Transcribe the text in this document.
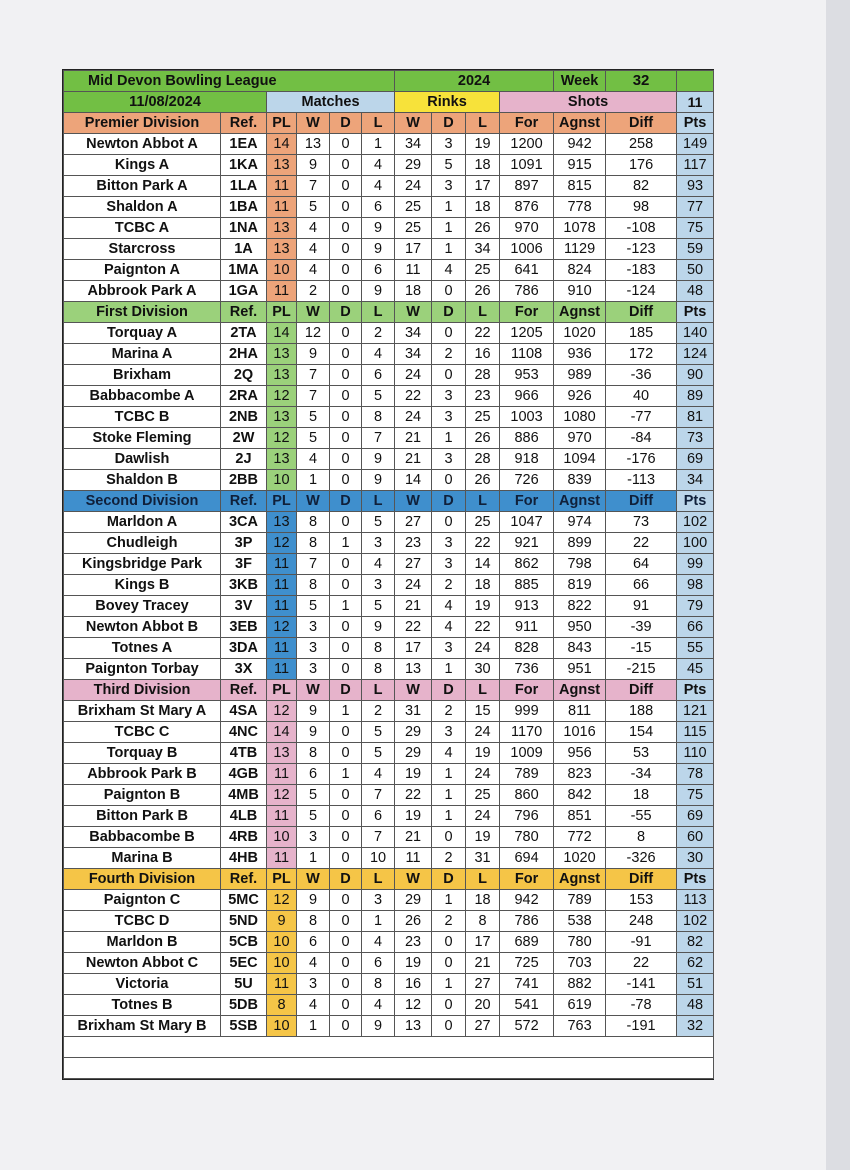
Mid Devon Bowling League						2024				Week	32	
11/08/2024		Matches				Rinks			Shots			11
Premier Division	Ref.	PL	W	D	L	W	D	L	For	Agnst	Diff	Pts
Newton Abbot A	1EA	14	13	0	1	34	3	19	1200	942	258	149
Kings A	1KA	13	9	0	4	29	5	18	1091	915	176	117
Bitton Park A	1LA	11	7	0	4	24	3	17	897	815	82	93
Shaldon A	1BA	11	5	0	6	25	1	18	876	778	98	77
TCBC A	1NA	13	4	0	9	25	1	26	970	1078	-108	75
Starcross	1A	13	4	0	9	17	1	34	1006	1129	-123	59
Paignton A	1MA	10	4	0	6	11	4	25	641	824	-183	50
Abbrook Park A	1GA	11	2	0	9	18	0	26	786	910	-124	48
First Division	Ref.	PL	W	D	L	W	D	L	For	Agnst	Diff	Pts
Torquay A	2TA	14	12	0	2	34	0	22	1205	1020	185	140
Marina A	2HA	13	9	0	4	34	2	16	1108	936	172	124
Brixham	2Q	13	7	0	6	24	0	28	953	989	-36	90
Babbacombe A	2RA	12	7	0	5	22	3	23	966	926	40	89
TCBC B	2NB	13	5	0	8	24	3	25	1003	1080	-77	81
Stoke Fleming	2W	12	5	0	7	21	1	26	886	970	-84	73
Dawlish	2J	13	4	0	9	21	3	28	918	1094	-176	69
Shaldon B	2BB	10	1	0	9	14	0	26	726	839	-113	34
Second Division	Ref.	PL	W	D	L	W	D	L	For	Agnst	Diff	Pts
Marldon A	3CA	13	8	0	5	27	0	25	1047	974	73	102
Chudleigh	3P	12	8	1	3	23	3	22	921	899	22	100
Kingsbridge Park	3F	11	7	0	4	27	3	14	862	798	64	99
Kings B	3KB	11	8	0	3	24	2	18	885	819	66	98
Bovey Tracey	3V	11	5	1	5	21	4	19	913	822	91	79
Newton Abbot B	3EB	12	3	0	9	22	4	22	911	950	-39	66
Totnes A	3DA	11	3	0	8	17	3	24	828	843	-15	55
Paignton Torbay	3X	11	3	0	8	13	1	30	736	951	-215	45
Third Division	Ref.	PL	W	D	L	W	D	L	For	Agnst	Diff	Pts
Brixham St Mary A	4SA	12	9	1	2	31	2	15	999	811	188	121
TCBC C	4NC	14	9	0	5	29	3	24	1170	1016	154	115
Torquay B	4TB	13	8	0	5	29	4	19	1009	956	53	110
Abbrook Park B	4GB	11	6	1	4	19	1	24	789	823	-34	78
Paignton B	4MB	12	5	0	7	22	1	25	860	842	18	75
Bitton Park B	4LB	11	5	0	6	19	1	24	796	851	-55	69
Babbacombe B	4RB	10	3	0	7	21	0	19	780	772	8	60
Marina B	4HB	11	1	0	10	11	2	31	694	1020	-326	30
Fourth Division	Ref.	PL	W	D	L	W	D	L	For	Agnst	Diff	Pts
Paignton C	5MC	12	9	0	3	29	1	18	942	789	153	113
TCBC D	5ND	9	8	0	1	26	2	8	786	538	248	102
Marldon B	5CB	10	6	0	4	23	0	17	689	780	-91	82
Newton Abbot C	5EC	10	4	0	6	19	0	21	725	703	22	62
Victoria	5U	11	3	0	8	16	1	27	741	882	-141	51
Totnes B	5DB	8	4	0	4	12	0	20	541	619	-78	48
Brixham St Mary B	5SB	10	1	0	9	13	0	27	572	763	-191	32
